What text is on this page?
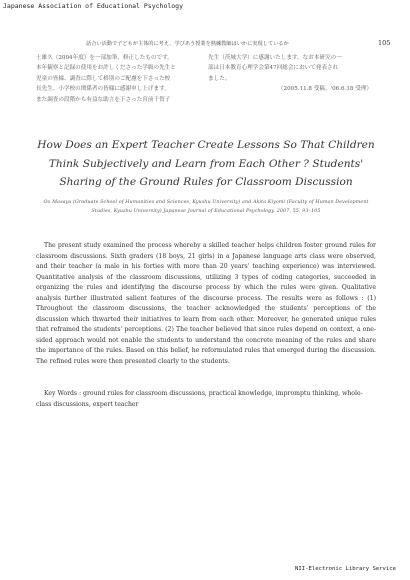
Japanese Association of Educational Psychology
話合い活動で子どもが主体的に考え、学びあう授業を熟練教師はいかに実現しているか	105
士雄久（2004年度）を一部加筆、修正したものです。
本年観察と記録の使用をお許しくださった学級の先生と
児童の皆様、調査に際して格別のご配慮を下さった校
長先生、小学校の関係者の皆様に感謝申し上げます。
また調査の段階から有益な助言を下さった宮前千賀子
先生（茨城大学）に感謝いたします。なお本研究の一
部は日本教育心理学会第47回総会において発表され
ました。
（2005.11.8 受稿、'06.6.18 受理）
How Does an Expert Teacher Create Lessons So That Children Think Subjectively and Learn from Each Other ? Students' Sharing of the Ground Rules for Classroom Discussion
Oo Masaya (Graduate School of Humanities and Sciences, Kyushu University) and Akita Kiyomi (Faculty of Human Development Studies, Kyushu University) Japanese Journal of Educational Psychology, 2007, 55, 93–105
The present study examined the process whereby a skilled teacher helps children foster ground rules for classroom discussions. Sixth graders (18 boys, 21 girls) in a Japanese language arts class were observed, and their teacher (a male in his forties with more than 20 years' teaching experience) was interviewed. Quantitative analysis of the classroom discussions, utilizing 3 types of coding categories, succeeded in organizing the rules and identifying the discourse process by which the rules were given. Qualitative analysis further illustrated salient features of the discourse process. The results were as follows : (1) Throughout the classroom discussions, the teacher acknowledged the students' perceptions of the discussion which thwarted their initiatives to learn from each other. Moreover, he generated unique rules that reframed the students' perceptions. (2) The teacher believed that since rules depend on context, a one-sided approach would not enable the students to understand the concrete meaning of the rules and share the importance of the rules. Based on this belief, he reformulated rules that emerged during the discussion. The refined rules were then presented clearly to the students.
Key Words : ground rules for classroom discussions, practical knowledge, impromptu thinking, whole-class discussions, expert teacher
NII-Electronic Library Service
